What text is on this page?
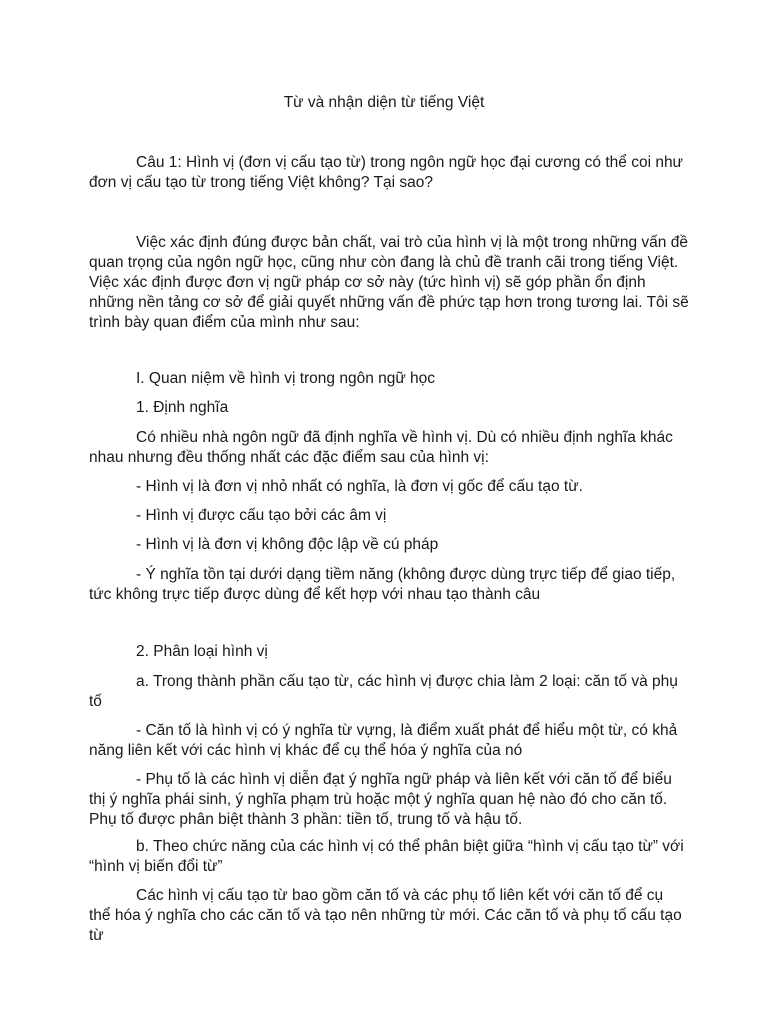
Từ và nhận diện từ tiếng Việt

Câu 1: Hình vị (đơn vị cấu tạo từ) trong ngôn ngữ học đại cương có thể coi như đơn vị cấu tạo từ trong tiếng Việt không? Tại sao?

Việc xác định đúng được bản chất, vai trò của hình vị là một trong những vấn đề quan trọng của ngôn ngữ học, cũng như còn đang là chủ đề tranh cãi trong tiếng Việt. Việc xác định được đơn vị ngữ pháp cơ sở này (tức hình vị) sẽ góp phần ổn định những nền tảng cơ sở để giải quyết những vấn đề phức tạp hơn trong tương lai. Tôi sẽ trình bày quan điểm của mình như sau:

I. Quan niệm về hình vị trong ngôn ngữ học

1. Định nghĩa

Có nhiều nhà ngôn ngữ đã định nghĩa về hình vị. Dù có nhiều định nghĩa khác nhau nhưng đều thống nhất các đặc điểm sau của hình vị:

- Hình vị là đơn vị nhỏ nhất có nghĩa, là đơn vị gốc để cấu tạo từ.

- Hình vị được cấu tạo bởi các âm vị

- Hình vị là đơn vị không độc lập về cú pháp

- Ý nghĩa tồn tại dưới dạng tiềm năng (không được dùng trực tiếp để giao tiếp, tức không trực tiếp được dùng để kết hợp với nhau tạo thành câu

2. Phân loại hình vị

a. Trong thành phần cấu tạo từ, các hình vị được chia làm 2 loại: căn tố và phụ tố

- Căn tố là hình vị có ý nghĩa từ vựng, là điểm xuất phát để hiểu một từ, có khả năng liên kết với các hình vị khác để cụ thể hóa ý nghĩa của nó

- Phụ tố là các hình vị diễn đạt ý nghĩa ngữ pháp và liên kết với căn tố để biểu thị ý nghĩa phái sinh, ý nghĩa phạm trù hoặc một ý nghĩa quan hệ nào đó cho căn tố. Phụ tố được phân biệt thành 3 phần: tiền tố, trung tố và hậu tố.

b. Theo chức năng của các hình vị có thể phân biệt giữa “hình vị cấu tạo từ” với “hình vị biến đổi từ”

Các hình vị cấu tạo từ bao gồm căn tố và các phụ tố liên kết với căn tố để cụ thể hóa ý nghĩa cho các căn tố và tạo nên những từ mới. Các căn tố và phụ tố cấu tạo từ
